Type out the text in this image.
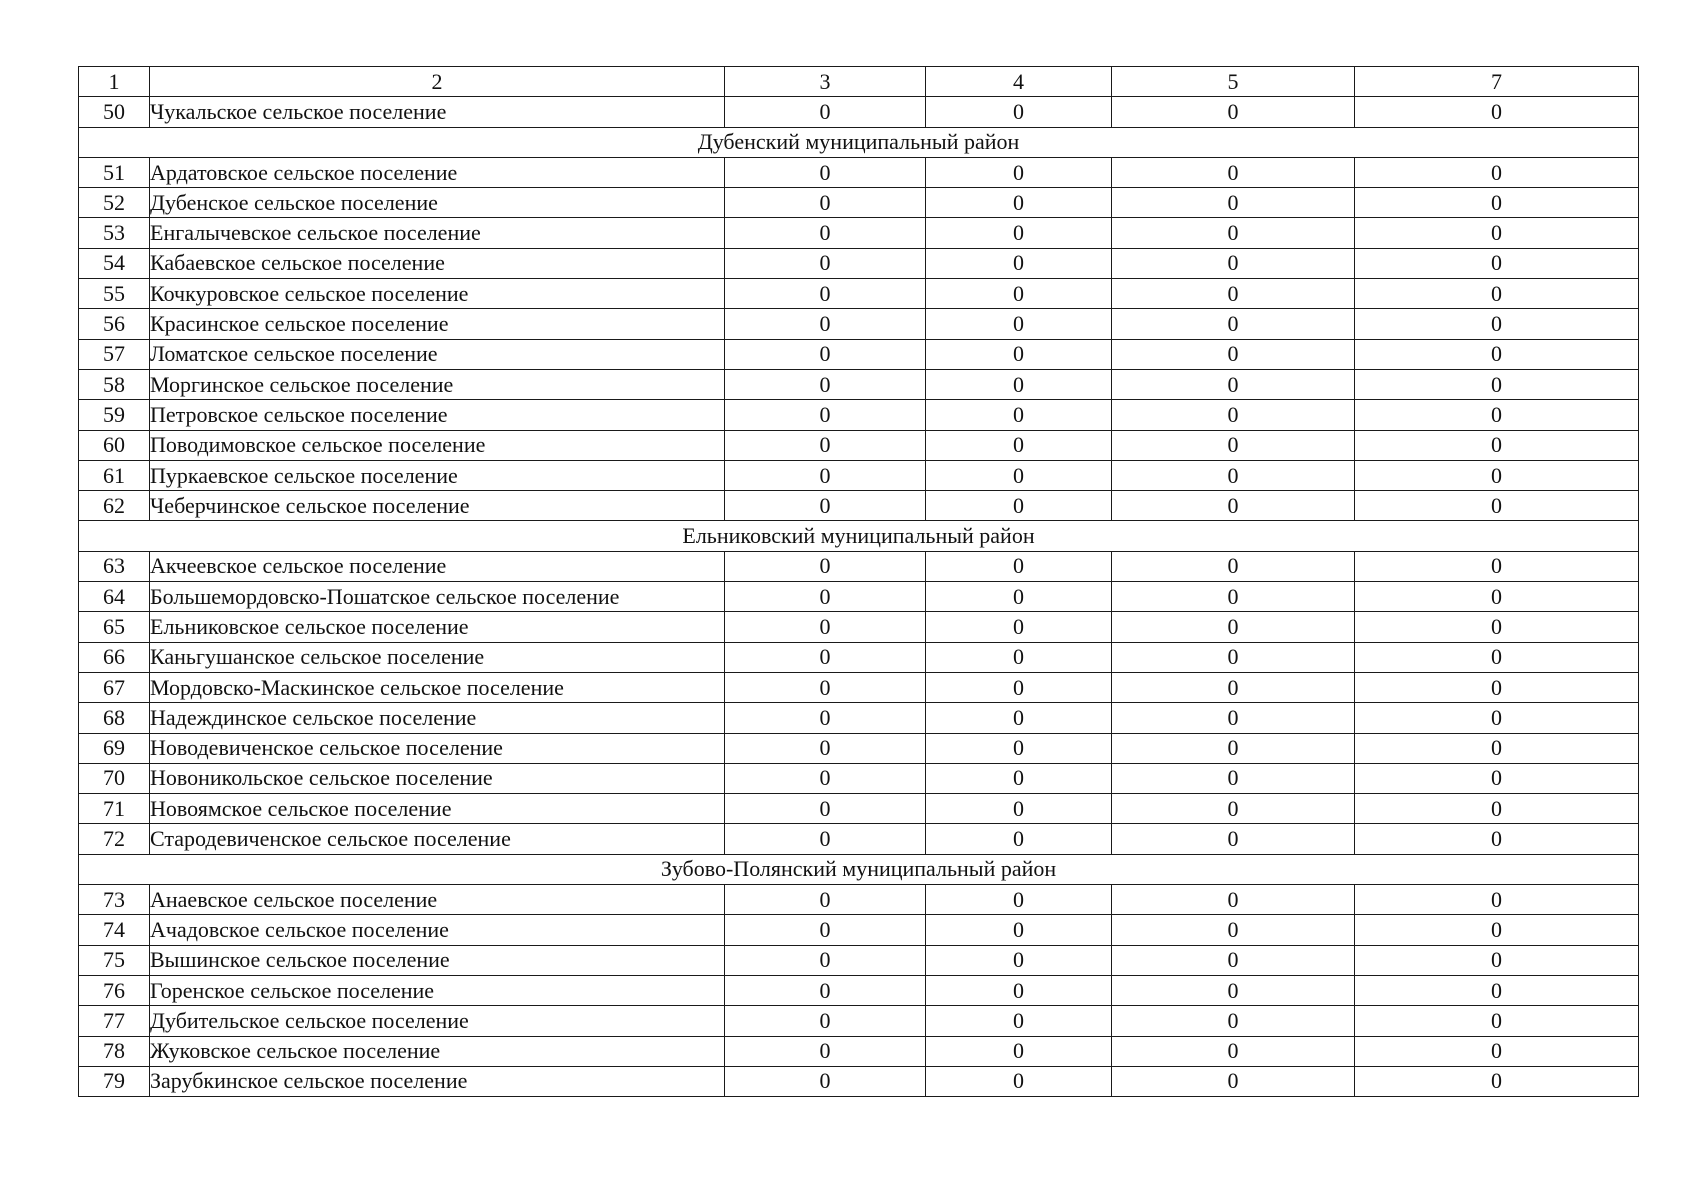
1	2	3	4	5	7
50	Чукальское сельское поселение	0	0	0	0
Дубенский муниципальный район					
51	Ардатовское сельское поселение	0	0	0	0
52	Дубенское сельское поселение	0	0	0	0
53	Енгалычевское сельское поселение	0	0	0	0
54	Кабаевское сельское поселение	0	0	0	0
55	Кочкуровское сельское поселение	0	0	0	0
56	Красинское сельское поселение	0	0	0	0
57	Ломатское сельское поселение	0	0	0	0
58	Моргинское сельское поселение	0	0	0	0
59	Петровское сельское поселение	0	0	0	0
60	Поводимовское сельское поселение	0	0	0	0
61	Пуркаевское сельское поселение	0	0	0	0
62	Чеберчинское сельское поселение	0	0	0	0
Ельниковский муниципальный район					
63	Акчеевское сельское поселение	0	0	0	0
64	Большемордовско-Пошатское сельское поселение	0	0	0	0
65	Ельниковское сельское поселение	0	0	0	0
66	Каньгушанское сельское поселение	0	0	0	0
67	Мордовско-Маскинское сельское поселение	0	0	0	0
68	Надеждинское сельское поселение	0	0	0	0
69	Новодевиченское сельское поселение	0	0	0	0
70	Новоникольское сельское поселение	0	0	0	0
71	Новоямское сельское поселение	0	0	0	0
72	Стародевиченское сельское поселение	0	0	0	0
Зубово-Полянский муниципальный район					
73	Анаевское сельское поселение	0	0	0	0
74	Ачадовское сельское поселение	0	0	0	0
75	Вышинское сельское поселение	0	0	0	0
76	Горенское сельское поселение	0	0	0	0
77	Дубительское сельское поселение	0	0	0	0
78	Жуковское сельское поселение	0	0	0	0
79	Зарубкинское сельское поселение	0	0	0	0
